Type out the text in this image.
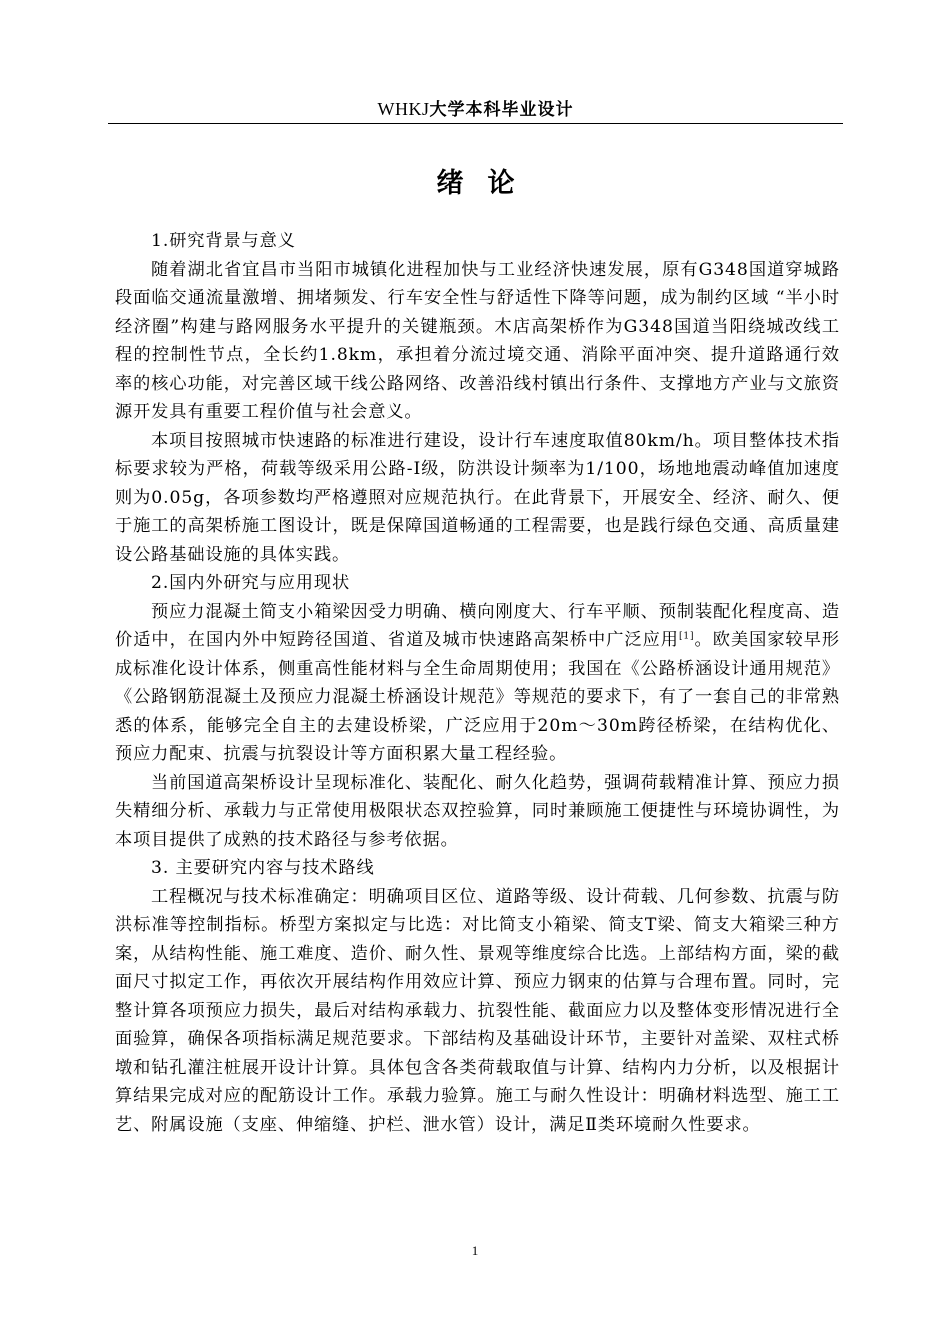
WHKJ大学本科毕业设计
绪论

1.研究背景与意义

随着湖北省宜昌市当阳市城镇化进程加快与工业经济快速发展，原有G348国道穿城路段面临交通流量激增、拥堵频发、行车安全性与舒适性下降等问题，成为制约区域 “半小时经济圈”构建与路网服务水平提升的关键瓶颈。木店高架桥作为G348国道当阳绕城改线工程的控制性节点，全长约1.8km，承担着分流过境交通、消除平面冲突、提升道路通行效率的核心功能，对完善区域干线公路网络、改善沿线村镇出行条件、支撑地方产业与文旅资源开发具有重要工程价值与社会意义。

本项目按照城市快速路的标准进行建设，设计行车速度取值80km/h。项目整体技术指标要求较为严格，荷载等级采用公路-I级，防洪设计频率为1/100，场地地震动峰值加速度则为0.05g，各项参数均严格遵照对应规范执行。在此背景下，开展安全、经济、耐久、便于施工的高架桥施工图设计，既是保障国道畅通的工程需要，也是践行绿色交通、高质量建设公路基础设施的具体实践。

2.国内外研究与应用现状

预应力混凝土简支小箱梁因受力明确、横向刚度大、行车平顺、预制装配化程度高、造价适中，在国内外中短跨径国道、省道及城市快速路高架桥中广泛应用[1]。欧美国家较早形成标准化设计体系，侧重高性能材料与全生命周期使用；我国在《公路桥涵设计通用规范》《公路钢筋混凝土及预应力混凝土桥涵设计规范》等规范的要求下，有了一套自己的非常熟悉的体系，能够完全自主的去建设桥梁，广泛应用于20m～30m跨径桥梁，在结构优化、预应力配束、抗震与抗裂设计等方面积累大量工程经验。

当前国道高架桥设计呈现标准化、装配化、耐久化趋势，强调荷载精准计算、预应力损失精细分析、承载力与正常使用极限状态双控验算，同时兼顾施工便捷性与环境协调性，为本项目提供了成熟的技术路径与参考依据。

3. 主要研究内容与技术路线

工程概况与技术标准确定：明确项目区位、道路等级、设计荷载、几何参数、抗震与防洪标准等控制指标。桥型方案拟定与比选：对比简支小箱梁、简支T梁、简支大箱梁三种方案，从结构性能、施工难度、造价、耐久性、景观等维度综合比选。上部结构方面，梁的截面尺寸拟定工作，再依次开展结构作用效应计算、预应力钢束的估算与合理布置。同时，完整计算各项预应力损失，最后对结构承载力、抗裂性能、截面应力以及整体变形情况进行全面验算，确保各项指标满足规范要求。下部结构及基础设计环节，主要针对盖梁、双柱式桥墩和钻孔灌注桩展开设计计算。具体包含各类荷载取值与计算、结构内力分析，以及根据计算结果完成对应的配筋设计工作。承载力验算。施工与耐久性设计：明确材料选型、施工工艺、附属设施（支座、伸缩缝、护栏、泄水管）设计，满足Ⅱ类环境耐久性要求。

1
